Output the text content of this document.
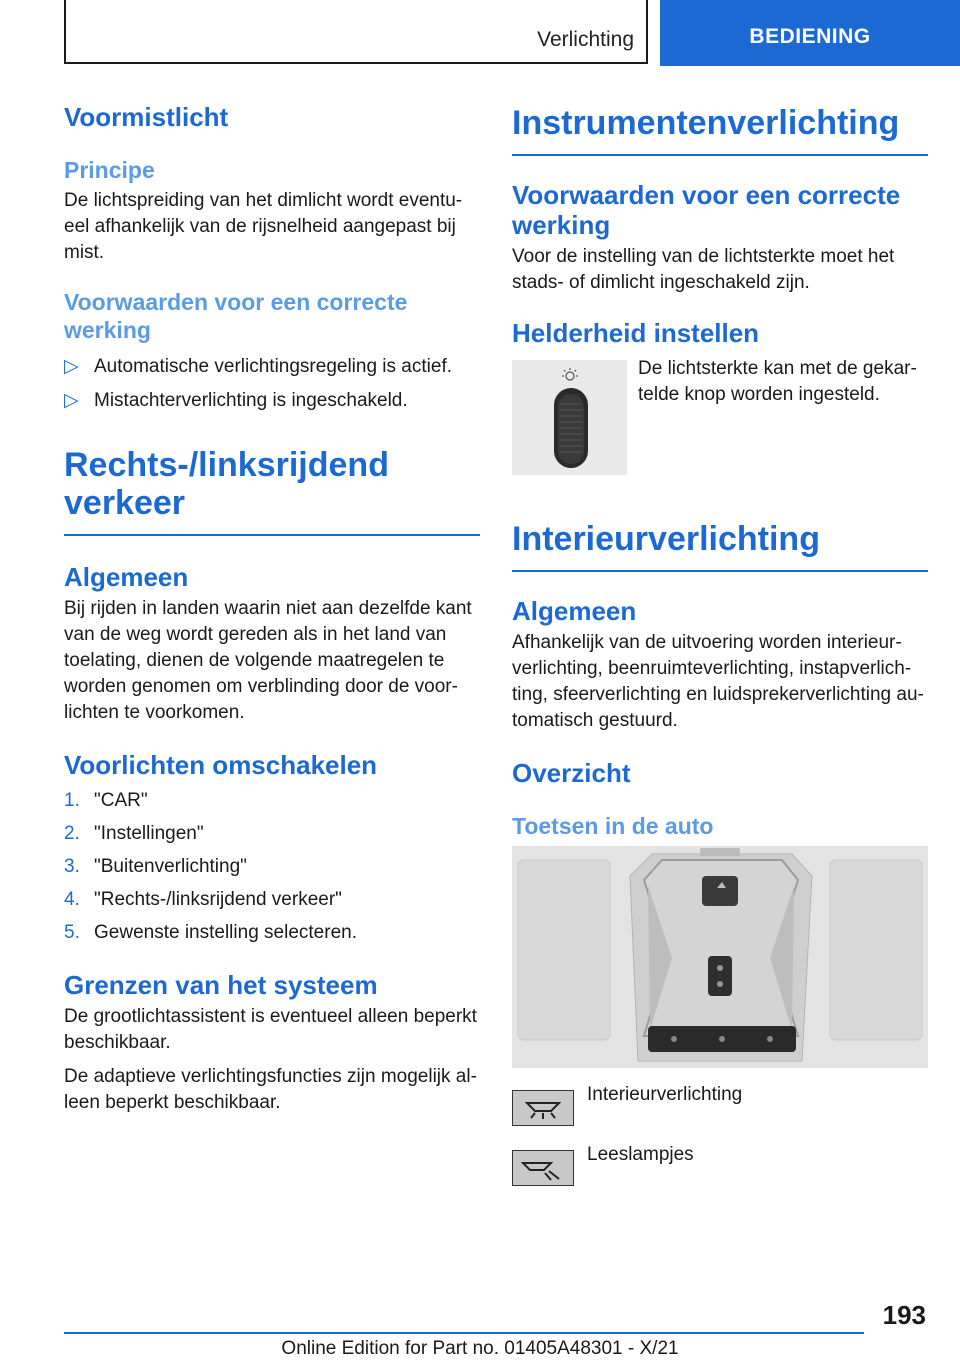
Verlichting	BEDIENING
Voormistlicht
Principe

De lichtspreiding van het dimlicht wordt eventu-eel afhankelijk van de rijsnelheid aangepast bij mist.

Voorwaarden voor een correcte werking
▷ Automatische verlichtingsregeling is actief.
▷ Mistachterverlichting is ingeschakeld.
Rechts-/linksrijdend verkeer
Algemeen

Bij rijden in landen waarin niet aan dezelfde kant van de weg wordt gereden als in het land van toelating, dienen de volgende maatregelen te worden genomen om verblinding door de voor-lichten te voorkomen.

Voorlichten omschakelen
1. "CAR"
2. "Instellingen"
3. "Buitenverlichting"
4. "Rechts-/linksrijdend verkeer"
5. Gewenste instelling selecteren.
Grenzen van het systeem

De grootlichtassistent is eventueel alleen beperkt beschikbaar.

De adaptieve verlichtingsfuncties zijn mogelijk al-leen beperkt beschikbaar.

Instrumentenverlichting
Voorwaarden voor een correcte werking

Voor de instelling van de lichtsterkte moet het stads- of dimlicht ingeschakeld zijn.

Helderheid instellen

De lichtsterkte kan met de gekar-telde knop worden ingesteld.

Interieurverlichting
Algemeen

Afhankelijk van de uitvoering worden interieur-verlichting, beenruimteverlichting, instapverlich-ting, sfeerverlichting en luidsprekerverlichting au-tomatisch gestuurd.

Overzicht
Toetsen in de auto
Interieurverlichting
Leeslampjes
193
Online Edition for Part no. 01405A48301 - X/21
